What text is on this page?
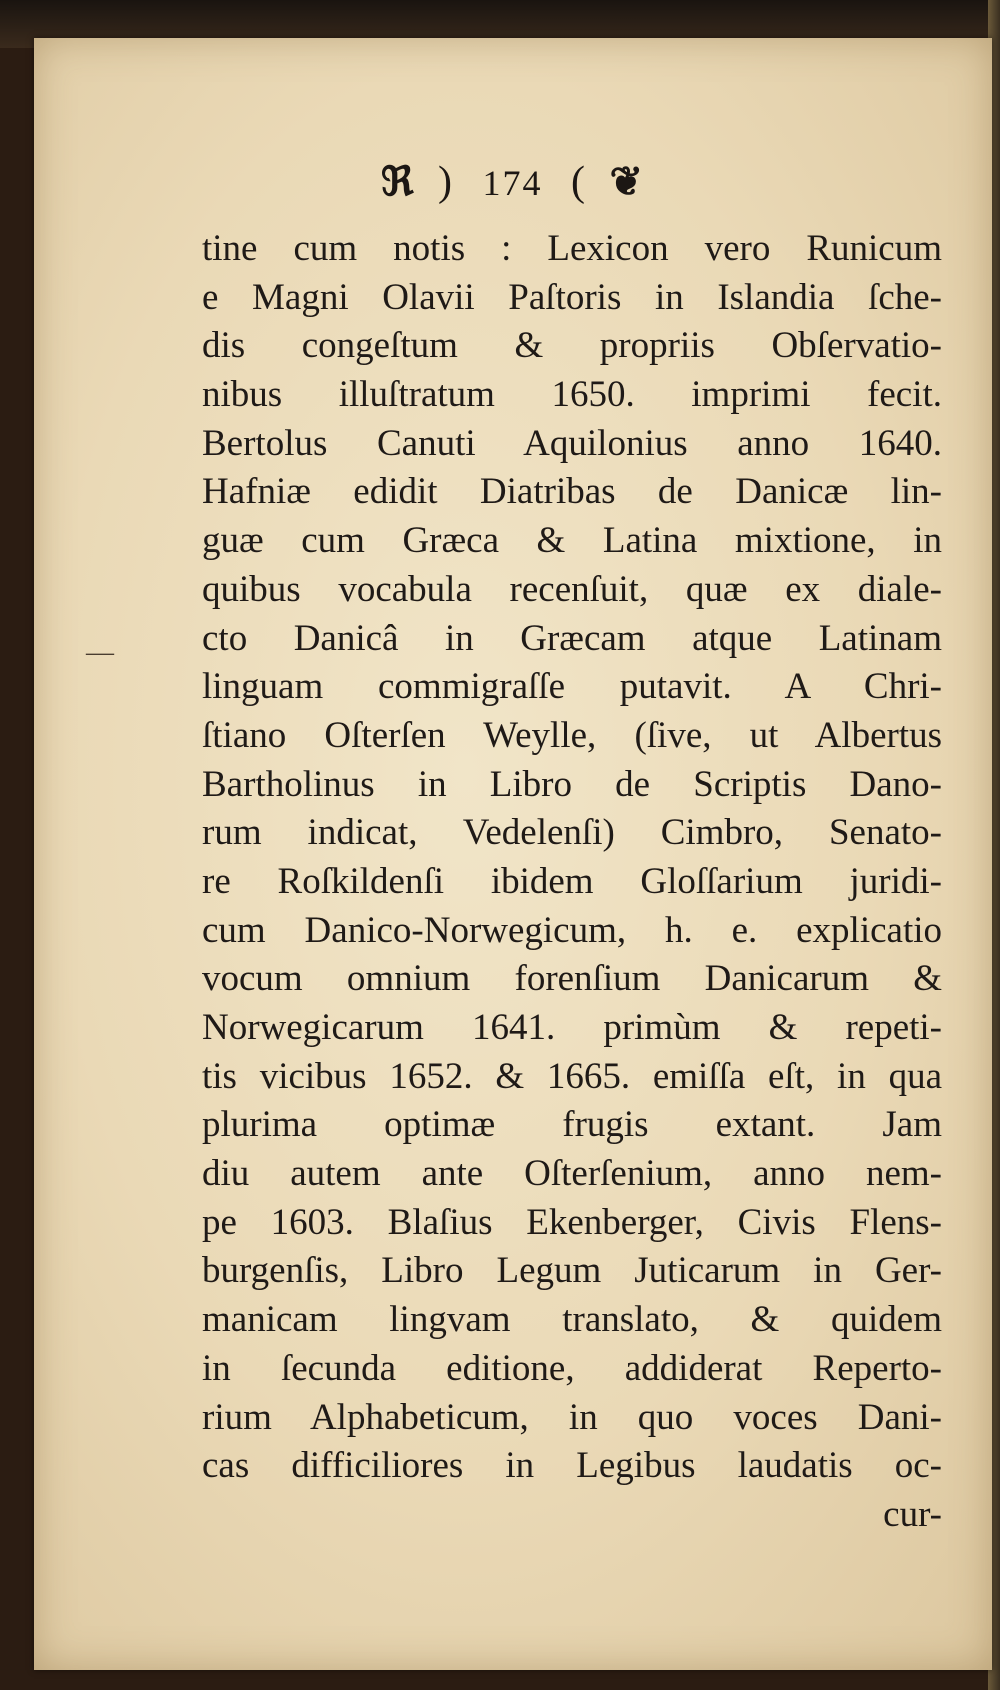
ℜ ) 174 ( ❦
tine cum notis : Lexicon vero Runicum
e Magni Olavii Paſtoris in Islandia ſche-
dis congeſtum & propriis Obſervatio-
nibus illuſtratum 1650. imprimi fecit.
Bertolus Canuti Aquilonius anno 1640.
Hafniæ edidit Diatribas de Danicæ lin-
guæ cum Græca & Latina mixtione, in
quibus vocabula recenſuit, quæ ex diale-
cto Danicâ in Græcam atque Latinam
linguam commigraſſe putavit. A Chri-
ſtiano Oſterſen Weylle, (ſive, ut Albertus
Bartholinus in Libro de Scriptis Dano-
rum indicat, Vedelenſi) Cimbro, Senato-
re Roſkildenſi ibidem Gloſſarium juridi-
cum Danico-Norwegicum, h. e. explicatio
vocum omnium forenſium Danicarum &
Norwegicarum 1641. primùm & repeti-
tis vicibus 1652. & 1665. emiſſa eſt, in qua
plurima optimæ frugis extant. Jam
diu autem ante Oſterſenium, anno nem-
pe 1603. Blaſius Ekenberger, Civis Flens-
burgenſis, Libro Legum Juticarum in Ger-
manicam lingvam translato, & quidem
in ſecunda editione, addiderat Reperto-
rium Alphabeticum, in quo voces Dani-
cas difficiliores in Legibus laudatis oc-
cur-
—
